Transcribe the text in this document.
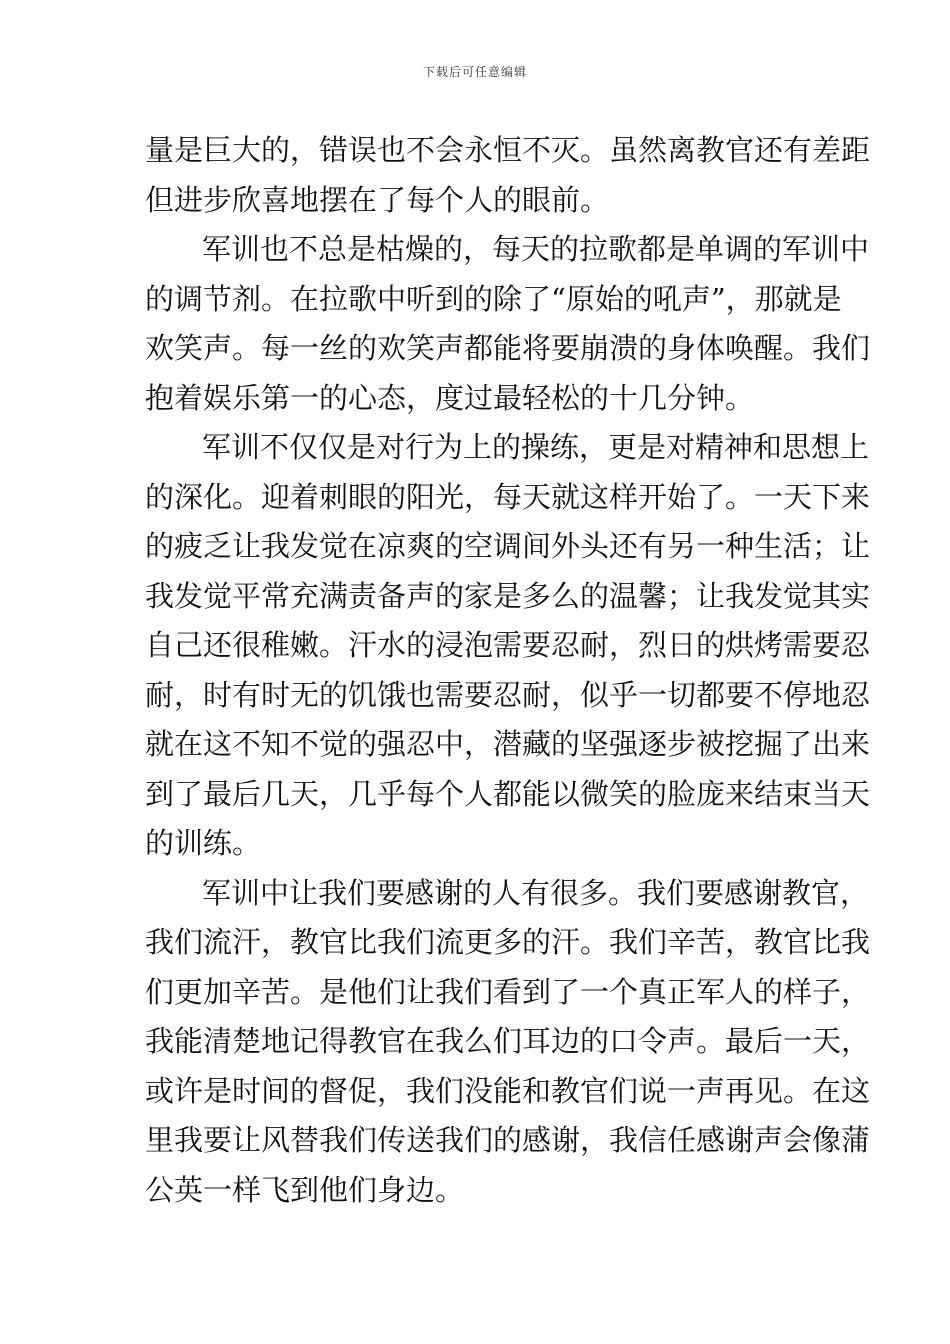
下载后可任意编辑
量是巨大的，错误也不会永恒不灭。虽然离教官还有差距
但进步欣喜地摆在了每个人的眼前。
军训也不总是枯燥的，每天的拉歌都是单调的军训中
的调节剂。在拉歌中听到的除了“原始的吼声”，那就是
欢笑声。每一丝的欢笑声都能将要崩溃的身体唤醒。我们
抱着娱乐第一的心态，度过最轻松的十几分钟。
军训不仅仅是对行为上的操练，更是对精神和思想上
的深化。迎着刺眼的阳光，每天就这样开始了。一天下来
的疲乏让我发觉在凉爽的空调间外头还有另一种生活；让
我发觉平常充满责备声的家是多么的温馨；让我发觉其实
自己还很稚嫩。汗水的浸泡需要忍耐，烈日的烘烤需要忍
耐，时有时无的饥饿也需要忍耐，似乎一切都要不停地忍
就在这不知不觉的强忍中，潜藏的坚强逐步被挖掘了出来
到了最后几天，几乎每个人都能以微笑的脸庞来结束当天
的训练。
军训中让我们要感谢的人有很多。我们要感谢教官，
我们流汗，教官比我们流更多的汗。我们辛苦，教官比我
们更加辛苦。是他们让我们看到了一个真正军人的样子，
我能清楚地记得教官在我么们耳边的口令声。最后一天，
或许是时间的督促，我们没能和教官们说一声再见。在这
里我要让风替我们传送我们的感谢，我信任感谢声会像蒲
公英一样飞到他们身边。
